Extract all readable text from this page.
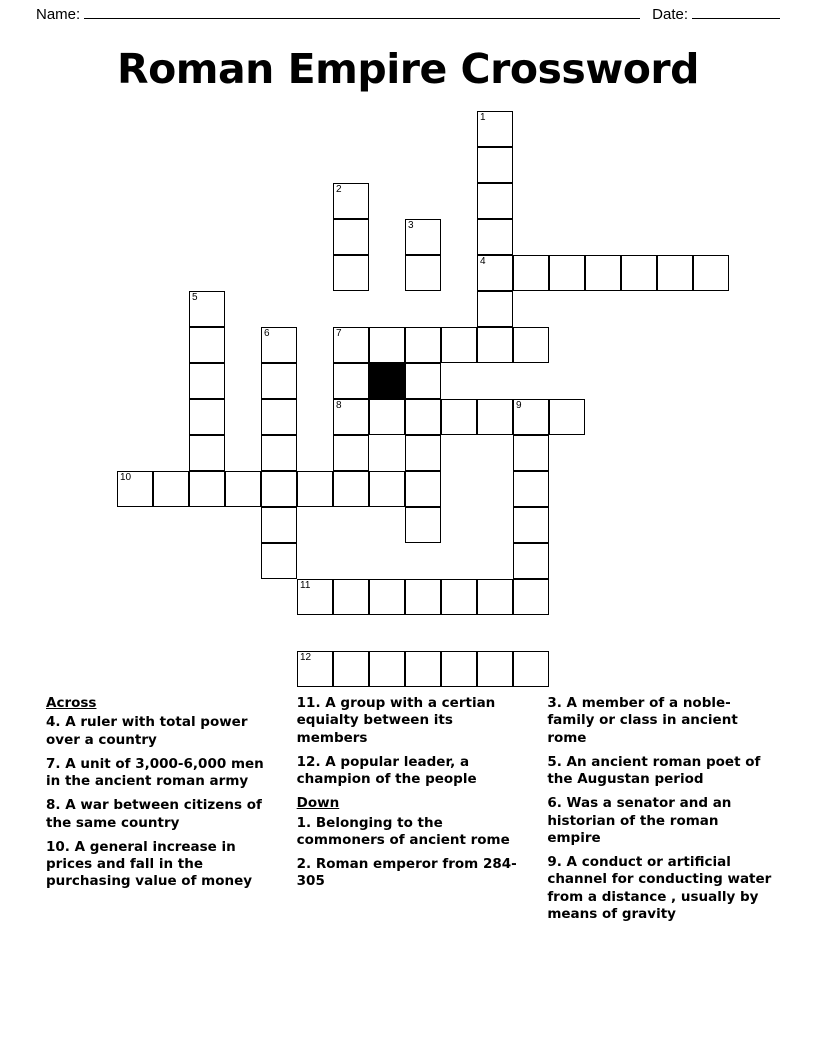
Name:	Date:
Roman Empire Crossword
1
2
3
4
5
6	7
8	9
10
11
12
Across
4. A ruler with total power over a country
7. A unit of 3,000-6,000 men in the ancient roman army
8. A war between citizens of the same country
10. A general increase in prices and fall in the purchasing value of money
11. A group with a certian equialty between its members
12. A popular leader, a champion of the people
Down
1. Belonging to the commoners of ancient rome
2. Roman emperor from 284-305
3. A member of a noble-family or class in ancient rome
5. An ancient roman poet of the Augustan period
6. Was a senator and an historian of the roman empire
9. A conduct or artificial channel for conducting water from a distance , usually by means of gravity
